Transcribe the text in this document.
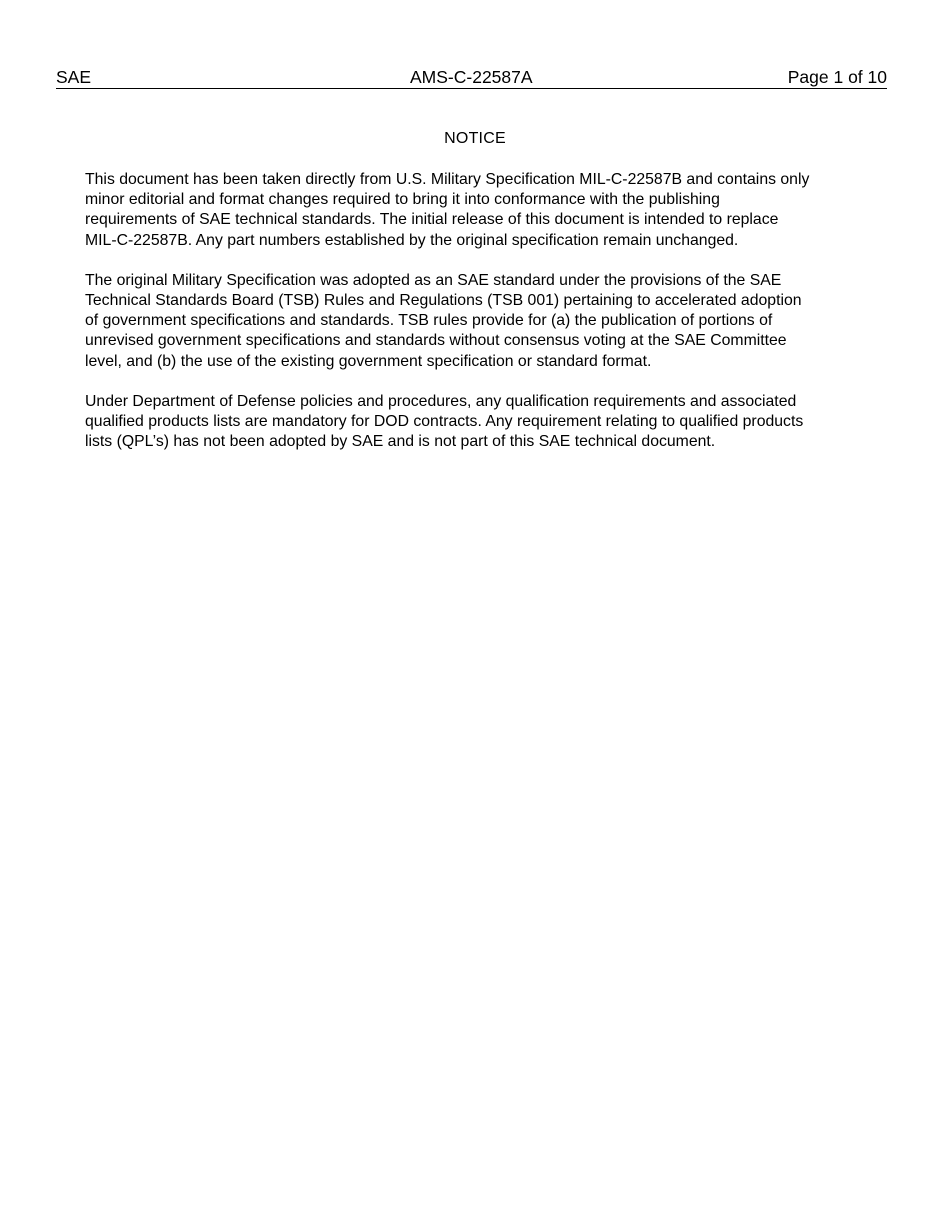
SAE	AMS-C-22587A	Page 1 of 10
NOTICE
This document has been taken directly from U.S. Military Specification MIL-C-22587B and contains only
minor editorial and format changes required to bring it into conformance with the publishing
requirements of SAE technical standards. The initial release of this document is intended to replace
MIL-C-22587B. Any part numbers established by the original specification remain unchanged.
The original Military Specification was adopted as an SAE standard under the provisions of the SAE
Technical Standards Board (TSB) Rules and Regulations (TSB 001) pertaining to accelerated adoption
of government specifications and standards. TSB rules provide for (a) the publication of portions of
unrevised government specifications and standards without consensus voting at the SAE Committee
level, and (b) the use of the existing government specification or standard format.
Under Department of Defense policies and procedures, any qualification requirements and associated
qualified products lists are mandatory for DOD contracts. Any requirement relating to qualified products
lists (QPL’s) has not been adopted by SAE and is not part of this SAE technical document.
